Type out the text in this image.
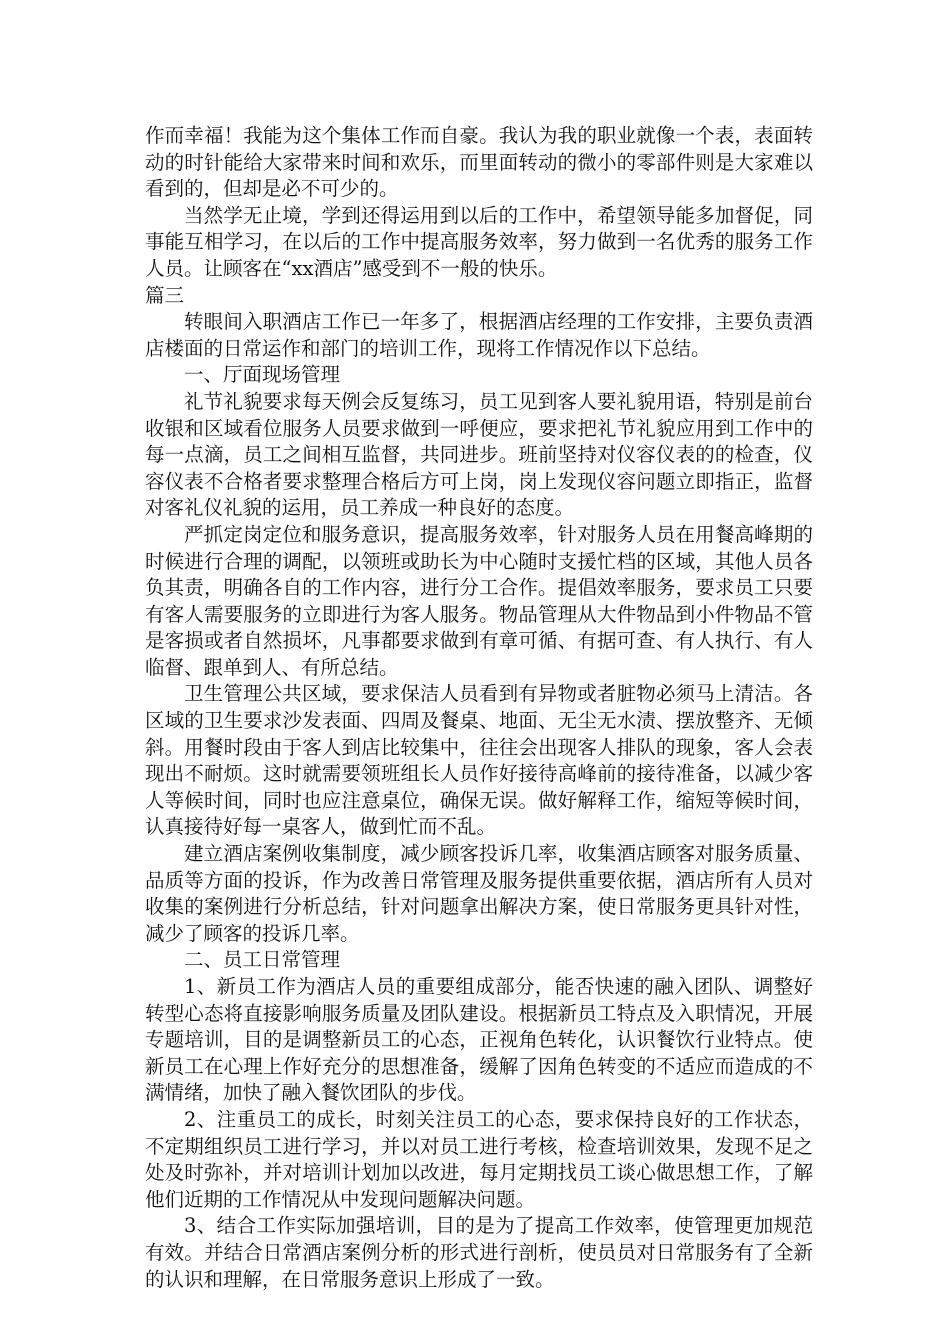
作而幸福！我能为这个集体工作而自豪。我认为我的职业就像一个表，表面转动的时针能给大家带来时间和欢乐，而里面转动的微小的零部件则是大家难以看到的，但却是必不可少的。

当然学无止境，学到还得运用到以后的工作中，希望领导能多加督促，同事能互相学习，在以后的工作中提高服务效率，努力做到一名优秀的服务工作人员。让顾客在“xx酒店”感受到不一般的快乐。

篇三

转眼间入职酒店工作已一年多了，根据酒店经理的工作安排，主要负责酒店楼面的日常运作和部门的培训工作，现将工作情况作以下总结。

一、厅面现场管理

礼节礼貌要求每天例会反复练习，员工见到客人要礼貌用语，特别是前台收银和区域看位服务人员要求做到一呼便应，要求把礼节礼貌应用到工作中的每一点滴，员工之间相互监督，共同进步。班前坚持对仪容仪表的的检查，仪容仪表不合格者要求整理合格后方可上岗，岗上发现仪容问题立即指正，监督对客礼仪礼貌的运用，员工养成一种良好的态度。

严抓定岗定位和服务意识，提高服务效率，针对服务人员在用餐高峰期的时候进行合理的调配，以领班或助长为中心随时支援忙档的区域，其他人员各负其责，明确各自的工作内容，进行分工合作。提倡效率服务，要求员工只要有客人需要服务的立即进行为客人服务。物品管理从大件物品到小件物品不管是客损或者自然损坏，凡事都要求做到有章可循、有据可查、有人执行、有人临督、跟单到人、有所总结。

卫生管理公共区域，要求保洁人员看到有异物或者脏物必须马上清洁。各区域的卫生要求沙发表面、四周及餐桌、地面、无尘无水渍、摆放整齐、无倾斜。用餐时段由于客人到店比较集中，往往会出现客人排队的现象，客人会表现出不耐烦。这时就需要领班组长人员作好接待高峰前的接待准备，以减少客人等候时间，同时也应注意桌位，确保无误。做好解释工作，缩短等候时间，认真接待好每一桌客人，做到忙而不乱。

建立酒店案例收集制度，减少顾客投诉几率，收集酒店顾客对服务质量、品质等方面的投诉，作为改善日常管理及服务提供重要依据，酒店所有人员对收集的案例进行分析总结，针对问题拿出解决方案，使日常服务更具针对性，减少了顾客的投诉几率。

二、员工日常管理

1、新员工作为酒店人员的重要组成部分，能否快速的融入团队、调整好转型心态将直接影响服务质量及团队建设。根据新员工特点及入职情况，开展专题培训，目的是调整新员工的心态，正视角色转化，认识餐饮行业特点。使新员工在心理上作好充分的思想准备，缓解了因角色转变的不适应而造成的不满情绪，加快了融入餐饮团队的步伐。

2、注重员工的成长，时刻关注员工的心态，要求保持良好的工作状态，不定期组织员工进行学习，并以对员工进行考核，检查培训效果，发现不足之处及时弥补，并对培训计划加以改进，每月定期找员工谈心做思想工作，了解他们近期的工作情况从中发现问题解决问题。

3、结合工作实际加强培训，目的是为了提高工作效率，使管理更加规范有效。并结合日常酒店案例分析的形式进行剖析，使员员对日常服务有了全新的认识和理解，在日常服务意识上形成了一致。
